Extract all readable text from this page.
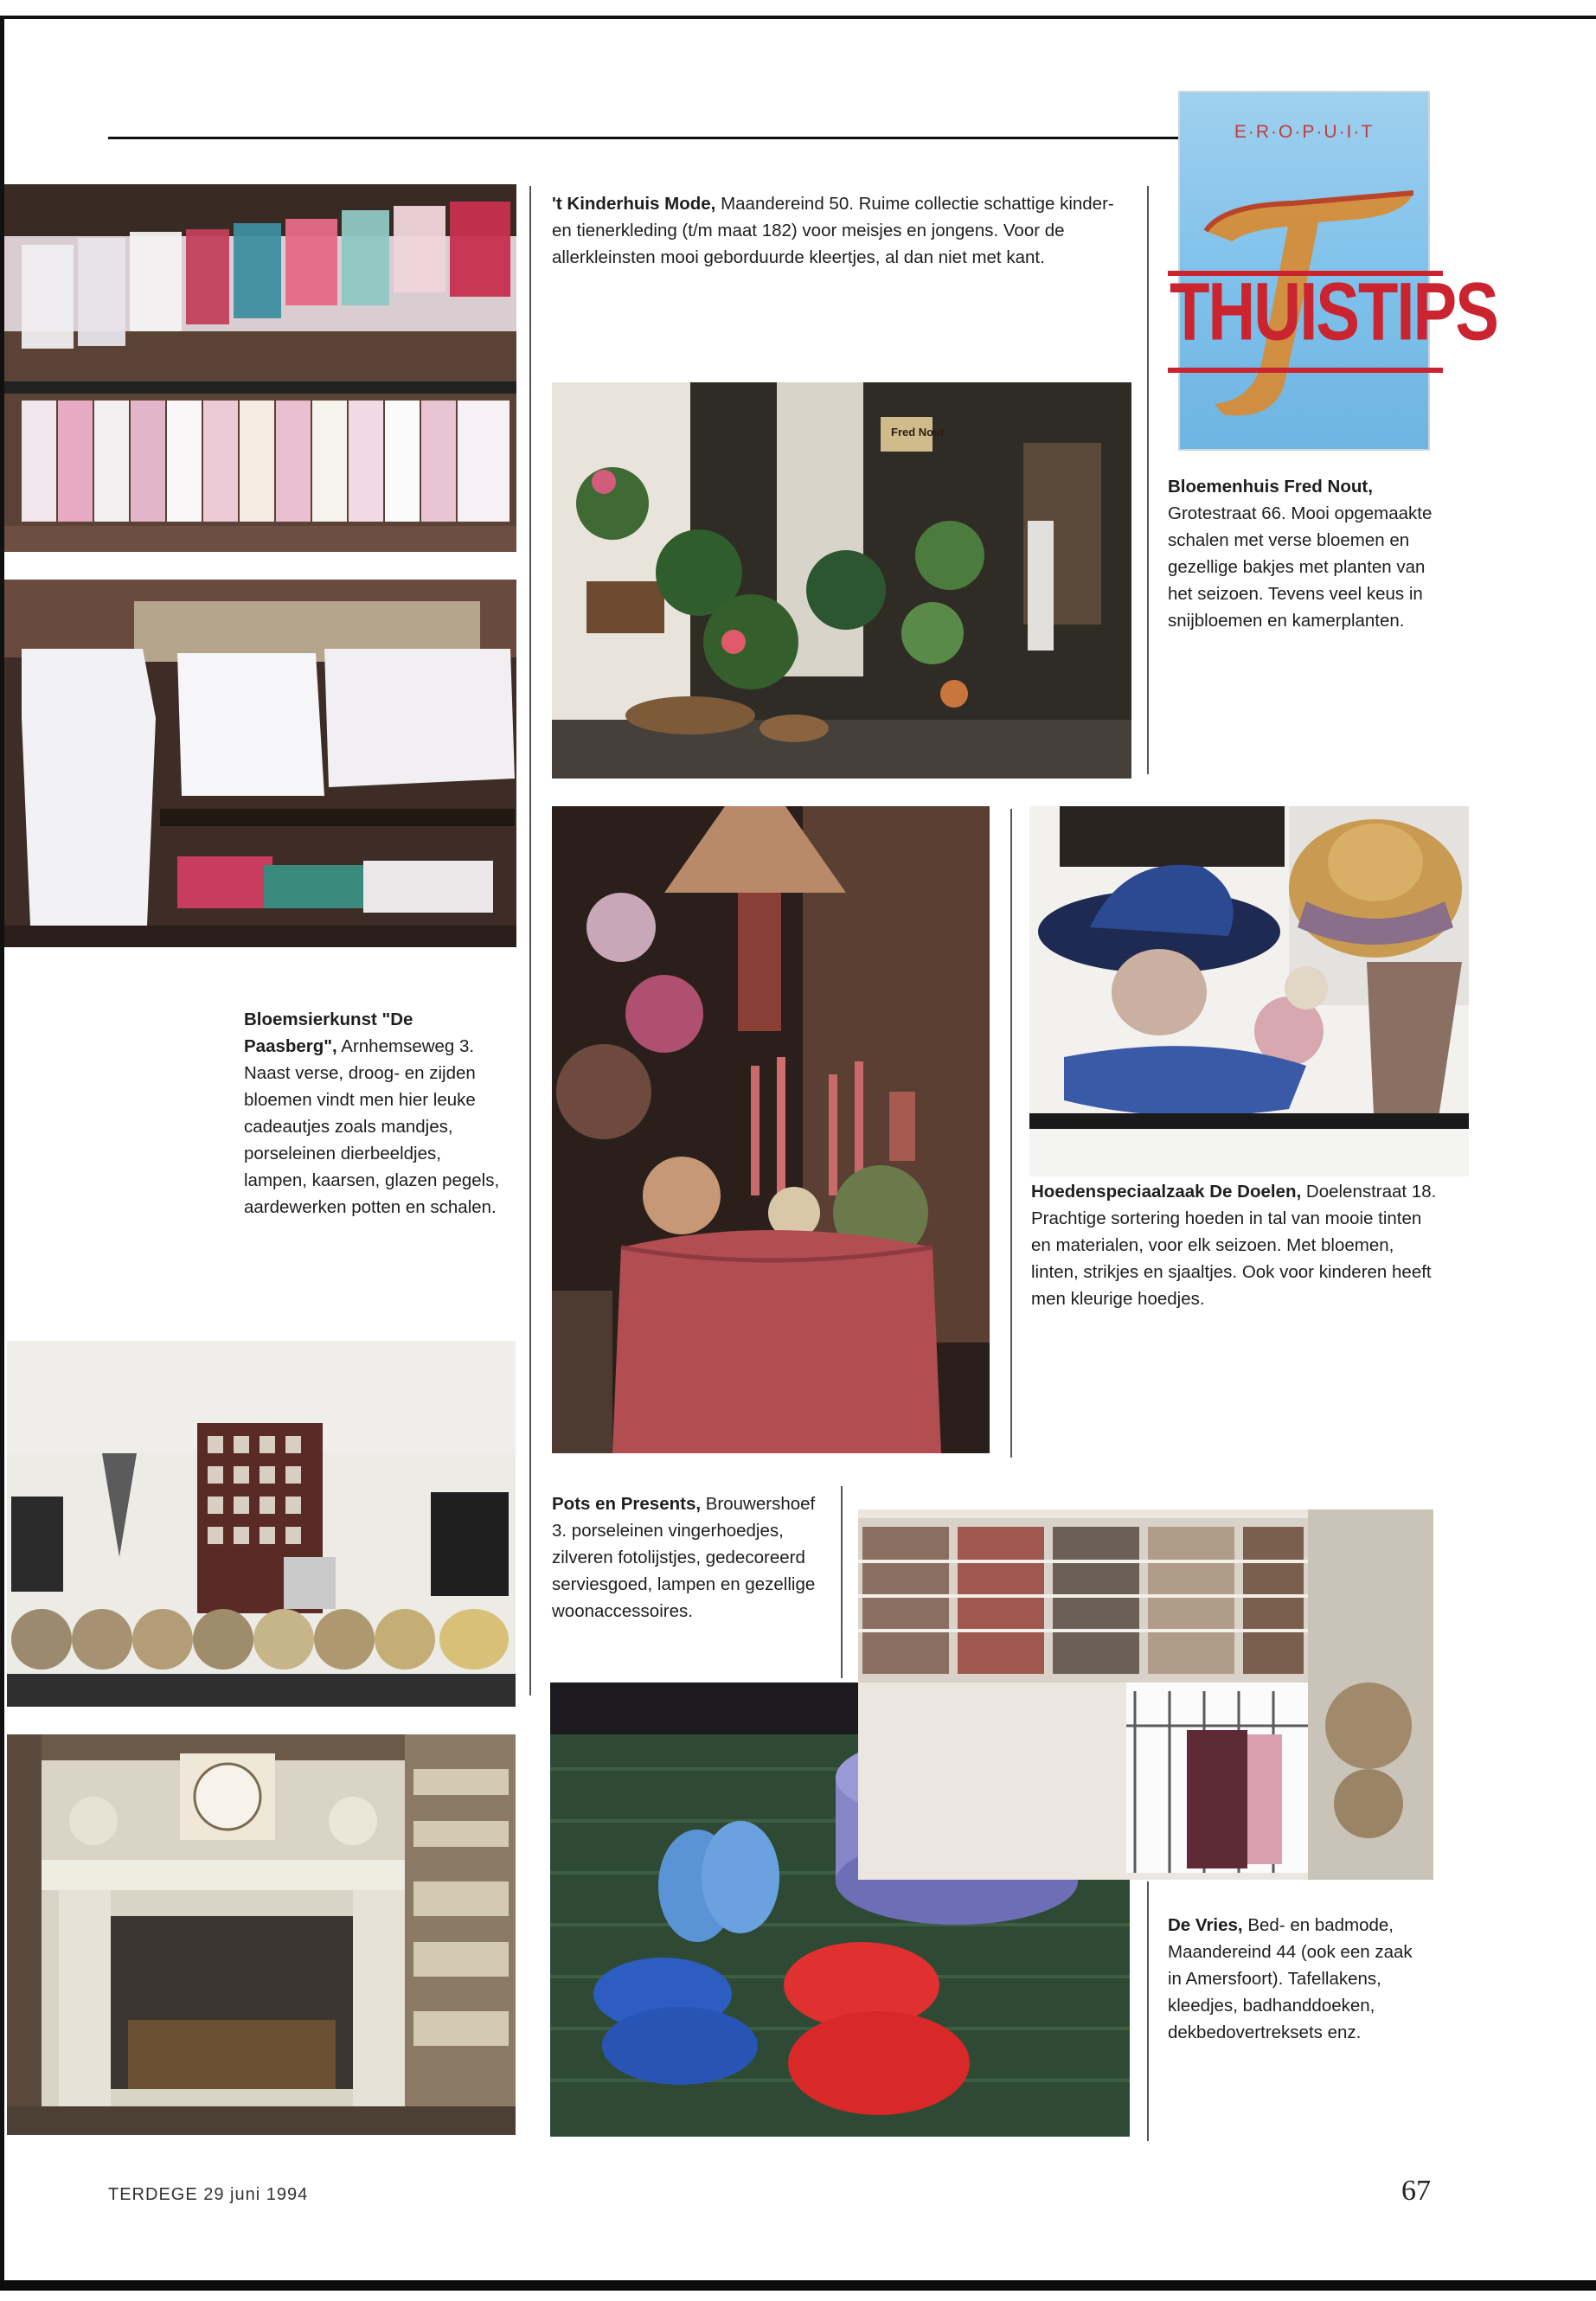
E·R·O·P·U·I·T
THUISTIPS
Fred Nout
't Kinderhuis Mode, Maandereind 50. Ruime collectie schattige kinder- en tienerkleding (t/m maat 182) voor meisjes en jongens. Voor de allerkleinsten mooi geborduurde kleertjes, al dan niet met kant.
Bloemenhuis Fred Nout, Grotestraat 66. Mooi opgemaakte schalen met verse bloemen en gezellige bakjes met planten van het seizoen. Tevens veel keus in snijbloemen en kamerplanten.
Bloemsierkunst "De Paasberg", Arnhemseweg 3. Naast verse, droog- en zijden bloemen vindt men hier leuke cadeautjes zoals mandjes, porseleinen dierbeeldjes, lampen, kaarsen, glazen pegels, aardewerken potten en schalen.
Hoedenspeciaalzaak De Doelen, Doelenstraat 18. Prachtige sortering hoeden in tal van mooie tinten en materialen, voor elk seizoen. Met bloemen, linten, strikjes en sjaaltjes. Ook voor kinderen heeft men kleurige hoedjes.
Pots en Presents, Brouwershoef 3. porseleinen vingerhoedjes, zilveren fotolijstjes, gedecoreerd serviesgoed, lampen en gezellige woonaccessoires.
De Vries, Bed- en badmode, Maandereind 44 (ook een zaak in Amersfoort). Tafellakens, kleedjes, badhanddoeken, dekbedovertreksets enz.
TERDEGE 29 juni 1994	67
